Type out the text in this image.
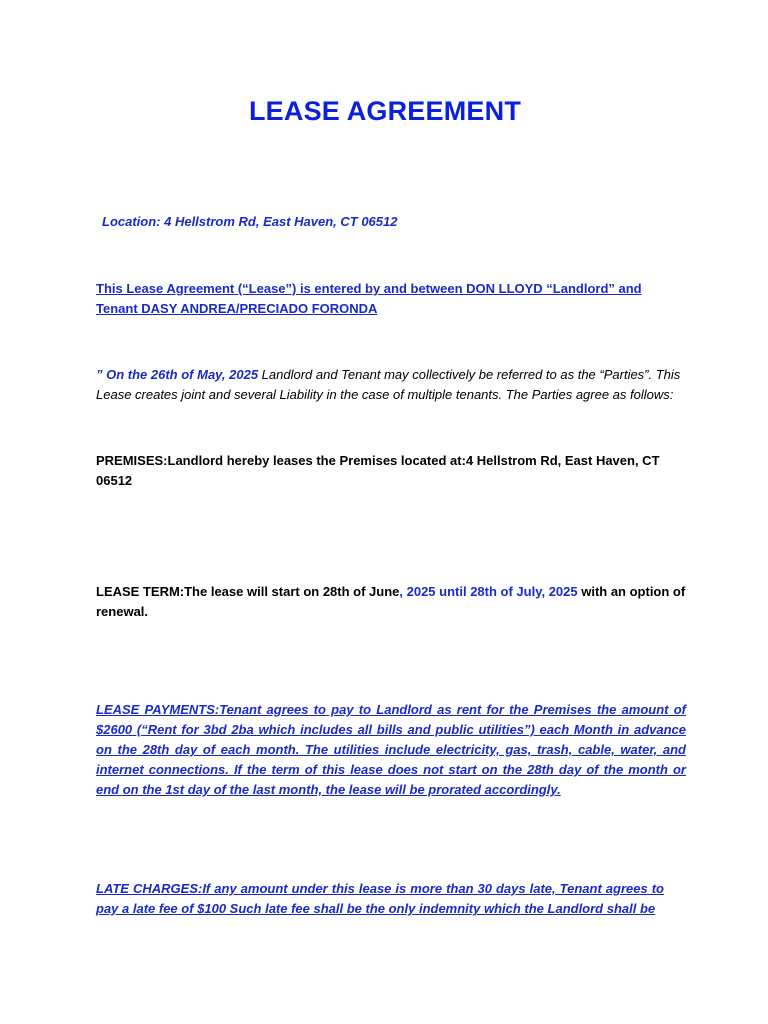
LEASE AGREEMENT
Location: 4 Hellstrom Rd, East Haven, CT 06512
This Lease Agreement (“Lease”) is entered by and between DON LLOYD “Landlord” and Tenant DASY ANDREA/PRECIADO FORONDA
” On the 26th of May, 2025 Landlord and Tenant may collectively be referred to as the “Parties”. This Lease creates joint and several Liability in the case of multiple tenants. The Parties agree as follows:
PREMISES:Landlord hereby leases the Premises located at:4 Hellstrom Rd, East Haven, CT 06512
LEASE TERM:The lease will start on 28th of June, 2025 until 28th of July, 2025 with an option of renewal.
LEASE PAYMENTS:Tenant agrees to pay to Landlord as rent for the Premises the amount of $2600 (“Rent for 3bd 2ba which includes all bills and public utilities”) each Month in advance on the 28th day of each month. The utilities include electricity, gas, trash, cable, water, and internet connections. If the term of this lease does not start on the 28th day of the month or end on the 1st day of the last month, the lease will be prorated accordingly.
LATE CHARGES:If any amount under this lease is more than 30 days late, Tenant agrees to pay a late fee of $100 Such late fee shall be the only indemnity which the Landlord shall be
